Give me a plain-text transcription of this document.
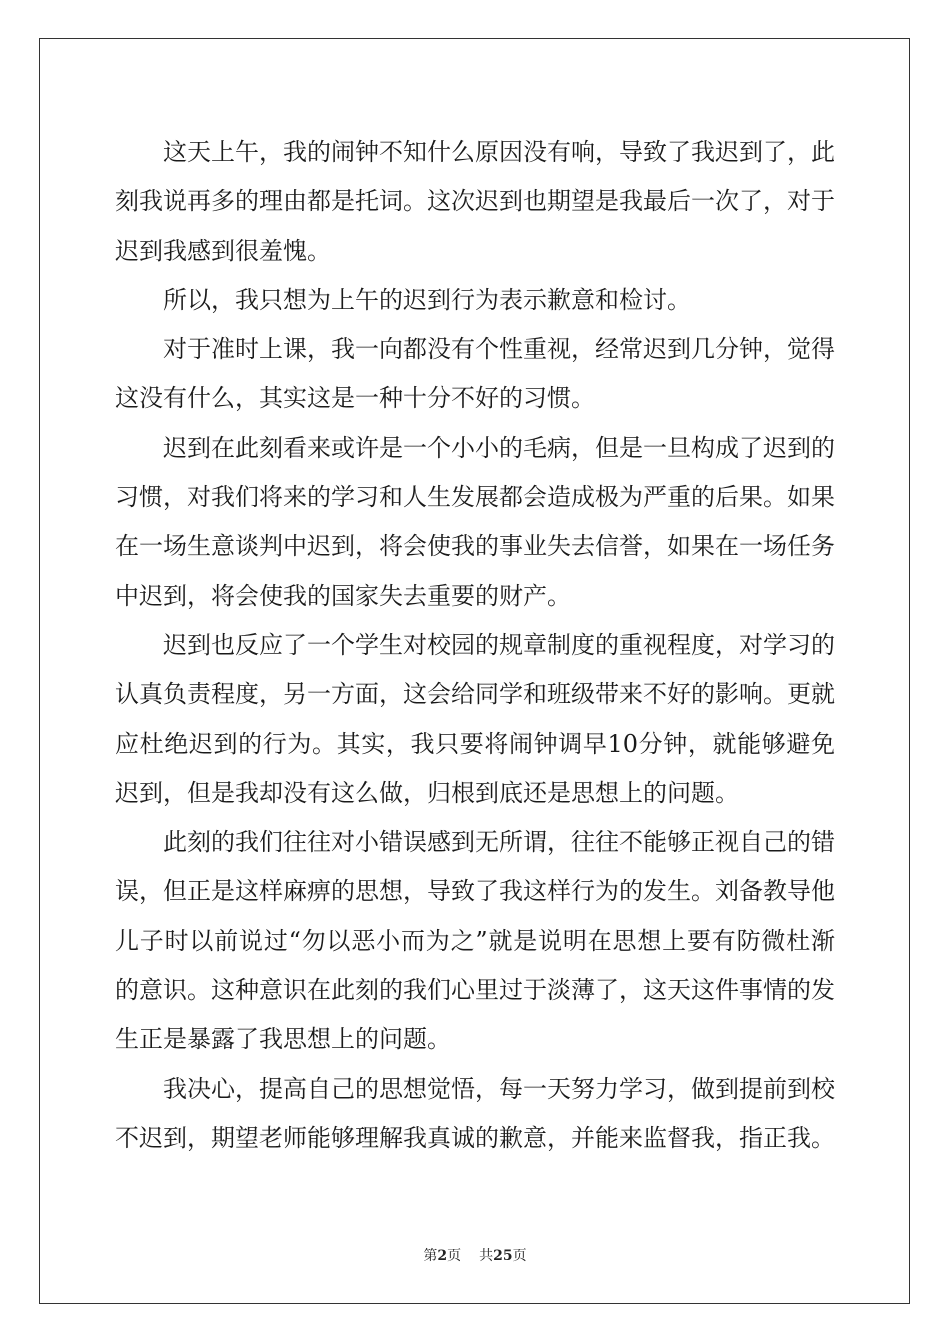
这天上午，我的闹钟不知什么原因没有响，导致了我迟到了，此刻我说再多的理由都是托词。这次迟到也期望是我最后一次了，对于迟到我感到很羞愧。

所以，我只想为上午的迟到行为表示歉意和检讨。

对于准时上课，我一向都没有个性重视，经常迟到几分钟，觉得这没有什么，其实这是一种十分不好的习惯。

迟到在此刻看来或许是一个小小的毛病，但是一旦构成了迟到的习惯，对我们将来的学习和人生发展都会造成极为严重的后果。如果在一场生意谈判中迟到，将会使我的事业失去信誉，如果在一场任务中迟到，将会使我的国家失去重要的财产。

迟到也反应了一个学生对校园的规章制度的重视程度，对学习的认真负责程度，另一方面，这会给同学和班级带来不好的影响。更就应杜绝迟到的行为。其实，我只要将闹钟调早10分钟，就能够避免迟到，但是我却没有这么做，归根到底还是思想上的问题。

此刻的我们往往对小错误感到无所谓，往往不能够正视自己的错误，但正是这样麻痹的思想，导致了我这样行为的发生。刘备教导他儿子时以前说过“勿以恶小而为之”就是说明在思想上要有防微杜渐的意识。这种意识在此刻的我们心里过于淡薄了，这天这件事情的发生正是暴露了我思想上的问题。

我决心，提高自己的思想觉悟，每一天努力学习，做到提前到校不迟到，期望老师能够理解我真诚的歉意，并能来监督我，指正我。

第2页 共25页
